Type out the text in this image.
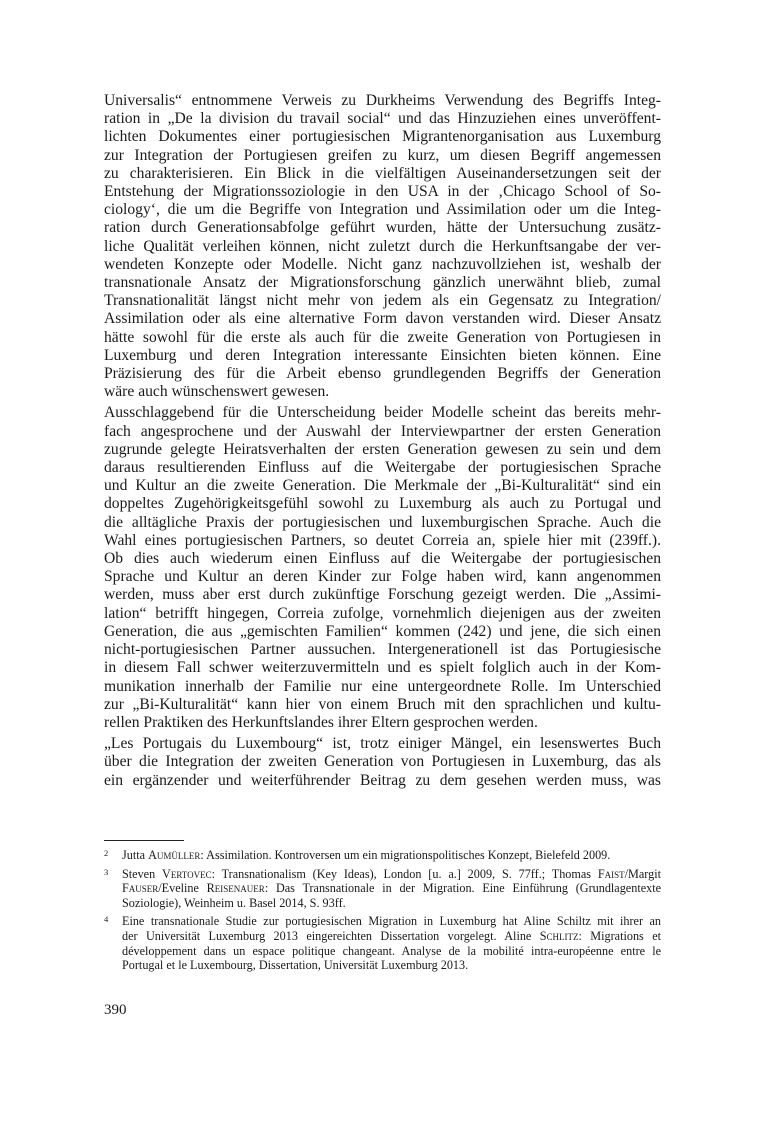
Universalis“ entnommene Verweis zu Durkheims Verwendung des Begriffs Integ-
ration in „De la division du travail social“ und das Hinzuziehen eines unveröffent-
lichten Dokumentes einer portugiesischen Migrantenorganisation aus Luxemburg
zur Integration der Portugiesen greifen zu kurz, um diesen Begriff angemessen
zu charakterisieren. Ein Blick in die vielfältigen Auseinandersetzungen seit der
Entstehung der Migrationssoziologie in den USA in der ‚Chicago School of So-
ciology‘, die um die Begriffe von Integration und Assimilation oder um die Integ-
ration durch Generationsabfolge geführt wurden, hätte der Untersuchung zusätz-
liche Qualität verleihen können, nicht zuletzt durch die Herkunftsangabe der ver-
wendeten Konzepte oder Modelle. Nicht ganz nachzuvollziehen ist, weshalb der
transnationale Ansatz der Migrationsforschung gänzlich unerwähnt blieb, zumal
Transnationalität längst nicht mehr von jedem als ein Gegensatz zu Integration/
Assimilation oder als eine alternative Form davon verstanden wird. Dieser Ansatz
hätte sowohl für die erste als auch für die zweite Generation von Portugiesen in
Luxemburg und deren Integration interessante Einsichten bieten können. Eine
Präzisierung des für die Arbeit ebenso grundlegenden Begriffs der Generation
wäre auch wünschenswert gewesen.

Ausschlaggebend für die Unterscheidung beider Modelle scheint das bereits mehr-
fach angesprochene und der Auswahl der Interviewpartner der ersten Generation
zugrunde gelegte Heiratsverhalten der ersten Generation gewesen zu sein und dem
daraus resultierenden Einfluss auf die Weitergabe der portugiesischen Sprache
und Kultur an die zweite Generation. Die Merkmale der „Bi-Kulturalität“ sind ein
doppeltes Zugehörigkeitsgefühl sowohl zu Luxemburg als auch zu Portugal und
die alltägliche Praxis der portugiesischen und luxemburgischen Sprache. Auch die
Wahl eines portugiesischen Partners, so deutet Correia an, spiele hier mit (239ff.).
Ob dies auch wiederum einen Einfluss auf die Weitergabe der portugiesischen
Sprache und Kultur an deren Kinder zur Folge haben wird, kann angenommen
werden, muss aber erst durch zukünftige Forschung gezeigt werden. Die „Assimi-
lation“ betrifft hingegen, Correia zufolge, vornehmlich diejenigen aus der zweiten
Generation, die aus „gemischten Familien“ kommen (242) und jene, die sich einen
nicht-portugiesischen Partner aussuchen. Intergenerationell ist das Portugiesische
in diesem Fall schwer weiterzuvermitteln und es spielt folglich auch in der Kom-
munikation innerhalb der Familie nur eine untergeordnete Rolle. Im Unterschied
zur „Bi-Kulturalität“ kann hier von einem Bruch mit den sprachlichen und kultu-
rellen Praktiken des Herkunftslandes ihrer Eltern gesprochen werden.

„Les Portugais du Luxembourg“ ist, trotz einiger Mängel, ein lesenswertes Buch
über die Integration der zweiten Generation von Portugiesen in Luxemburg, das als
ein ergänzender und weiterführender Beitrag zu dem gesehen werden muss, was

2 Jutta Aumüller: Assimilation. Kontroversen um ein migrationspolitisches Konzept, Bielefeld 2009.
3 Steven Vertovec: Transnationalism (Key Ideas), London [u. a.] 2009, S. 77ff.; Thomas Faist/Margit
Fauser/Eveline Reisenauer: Das Transnationale in der Migration. Eine Einführung (Grundlagentexte
Soziologie), Weinheim u. Basel 2014, S. 93ff.
4 Eine transnationale Studie zur portugiesischen Migration in Luxemburg hat Aline Schiltz mit ihrer an
der Universität Luxemburg 2013 eingereichten Dissertation vorgelegt. Aline Schlitz: Migrations et
développement dans un espace politique changeant. Analyse de la mobilité intra-européenne entre le
Portugal et le Luxembourg, Dissertation, Universität Luxemburg 2013.
390
